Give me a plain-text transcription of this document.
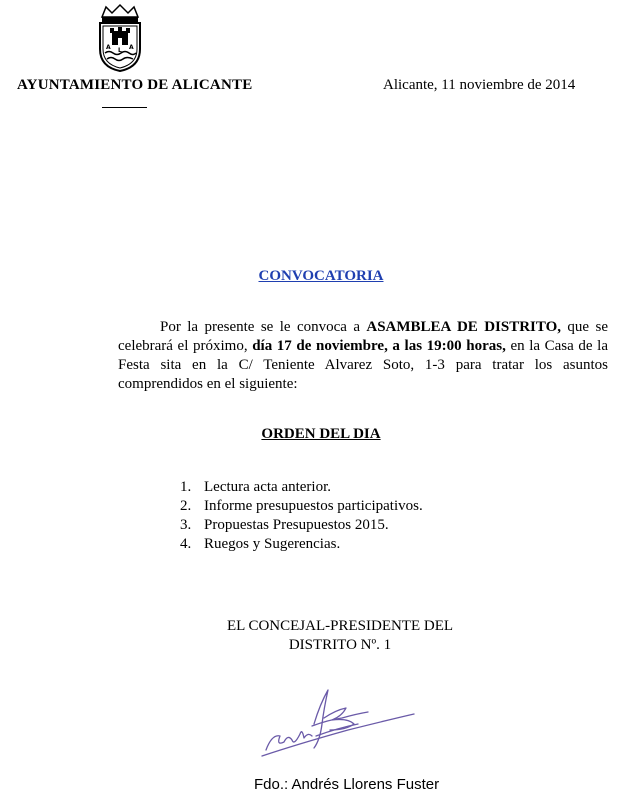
A L A
AYUNTAMIENTO DE ALICANTE	Alicante, 11 noviembre de 2014
CONVOCATORIA
Por la presente se le convoca a ASAMBLEA DE DISTRITO, que se celebrará el próximo, día 17 de noviembre, a las 19:00 horas, en la Casa de la Festa sita en la C/ Teniente Alvarez Soto, 1-3 para tratar los asuntos comprendidos en el siguiente:
ORDEN DEL DIA
1. Lectura acta anterior.
2. Informe presupuestos participativos.
3. Propuestas Presupuestos 2015.
4. Ruegos y Sugerencias.
EL CONCEJAL-PRESIDENTE DEL
DISTRITO Nº. 1
Fdo.: Andrés Llorens Fuster
